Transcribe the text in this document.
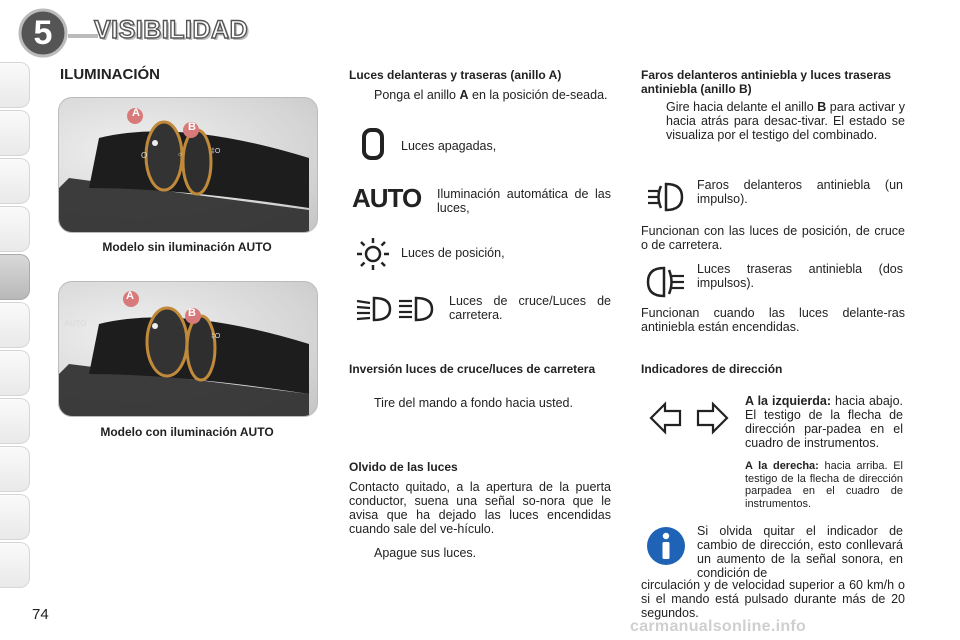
5	VISIBILIDAD
ILUMINACIÓN
O	☼	‡O
A
B
Modelo sin iluminación AUTO
‡O
AUTO
A
B
Modelo con iluminación AUTO
Luces delanteras y traseras (anillo A)
Ponga el anillo A en la posición de-seada.
Luces apagadas,
AUTO Iluminación automática de las luces,
Luces de posición,
Luces de cruce/Luces de carretera.
Inversión luces de cruce/luces de carretera
Tire del mando a fondo hacia usted.
Olvido de las luces
Contacto quitado, a la apertura de la puerta conductor, suena una señal so-nora que le avisa que ha dejado las luces encendidas cuando sale del ve-hículo.
Apague sus luces.
Faros delanteros antiniebla y luces traseras antiniebla (anillo B)
Gire hacia delante el anillo B para activar y hacia atrás para desac-tivar. El estado se visualiza por el testigo del combinado.
Faros delanteros antiniebla (un impulso).
Funcionan con las luces de posición, de cruce o de carretera.
Luces traseras antiniebla (dos impulsos).
Funcionan cuando las luces delante-ras antiniebla están encendidas.
Indicadores de dirección
A la izquierda: hacia abajo. El testigo de la flecha de dirección par-padea en el cuadro de instrumentos.
A la derecha: hacia arriba. El testigo de la flecha de dirección parpadea en el cuadro de instrumentos.
Si olvida quitar el indicador de cambio de dirección, esto conllevará un aumento de la señal sonora, en condición de
circulación y de velocidad superior a 60 km/h o si el mando está pulsado durante más de 20 segundos.
74
carmanualsonline.info
